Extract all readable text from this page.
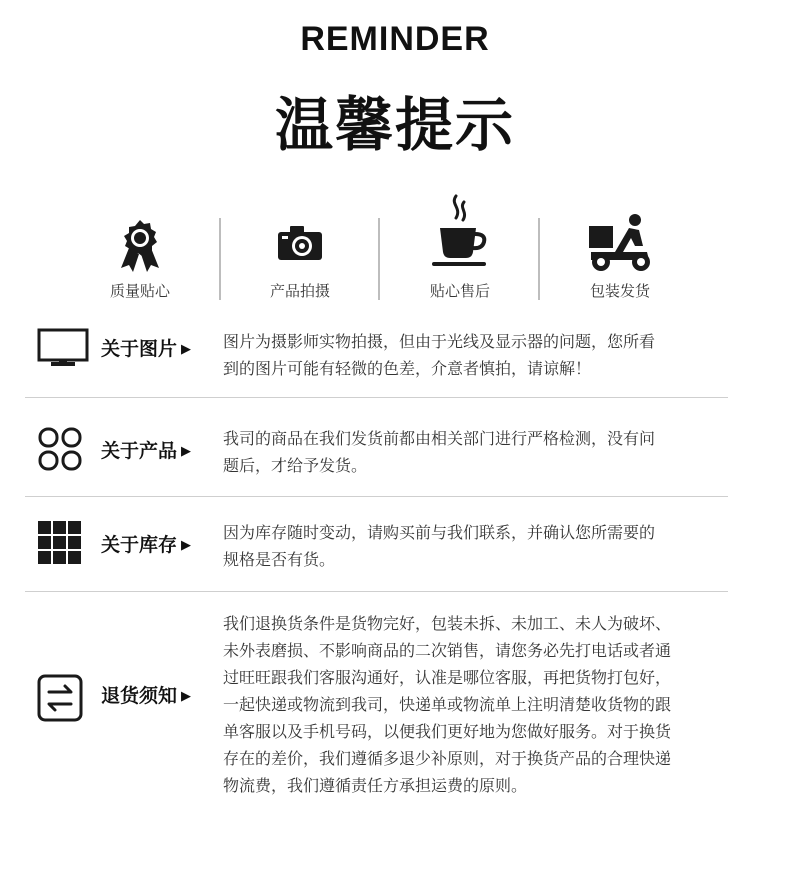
REMINDER
温馨提示
质量贴心	产品拍摄	贴心售后	包装发货
关于图片 ▶ 图片为摄影师实物拍摄，但由于光线及显示器的问题，您所看
到的图片可能有轻微的色差，介意者慎拍，请谅解！
关于产品 ▶
我司的商品在我们发货前都由相关部门进行严格检测，没有问
题后，才给予发货。
关于库存 ▶
因为库存随时变动，请购买前与我们联系，并确认您所需要的
规格是否有货。
退货须知 ▶
我们退换货条件是货物完好，包装未拆、未加工、未人为破坏、
未外表磨损、不影响商品的二次销售，请您务必先打电话或者通
过旺旺跟我们客服沟通好，认准是哪位客服，再把货物打包好，
一起快递或物流到我司，快递单或物流单上注明清楚收货物的跟
单客服以及手机号码，以便我们更好地为您做好服务。对于换货
存在的差价，我们遵循多退少补原则，对于换货产品的合理快递
物流费，我们遵循责任方承担运费的原则。
